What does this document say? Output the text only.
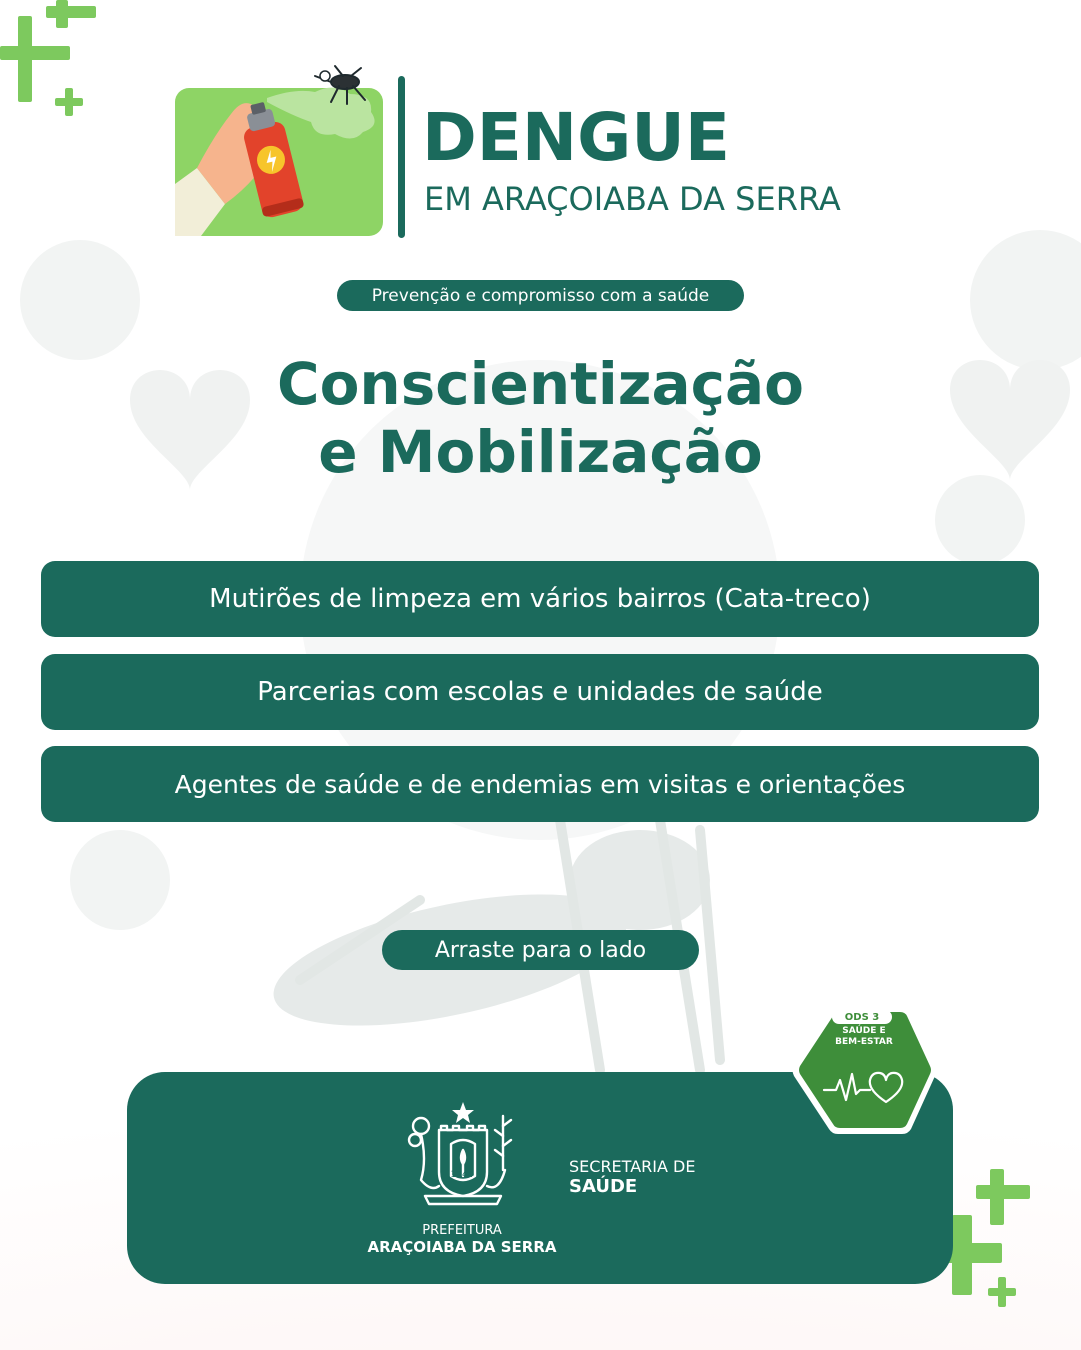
DENGUE
EM ARAÇOIABA DA SERRA
Prevenção e compromisso com a saúde
Conscientização
e Mobilização
Mutirões de limpeza em vários bairros (Cata-treco)
Parcerias com escolas e unidades de saúde
Agentes de saúde e de endemias em visitas e orientações
Arraste para o lado
PREFEITURA
ARAÇOIABA DA SERRA
SECRETARIA DE
SAÚDE
1944
ODS 3
SAÚDE E
BEM-ESTAR
